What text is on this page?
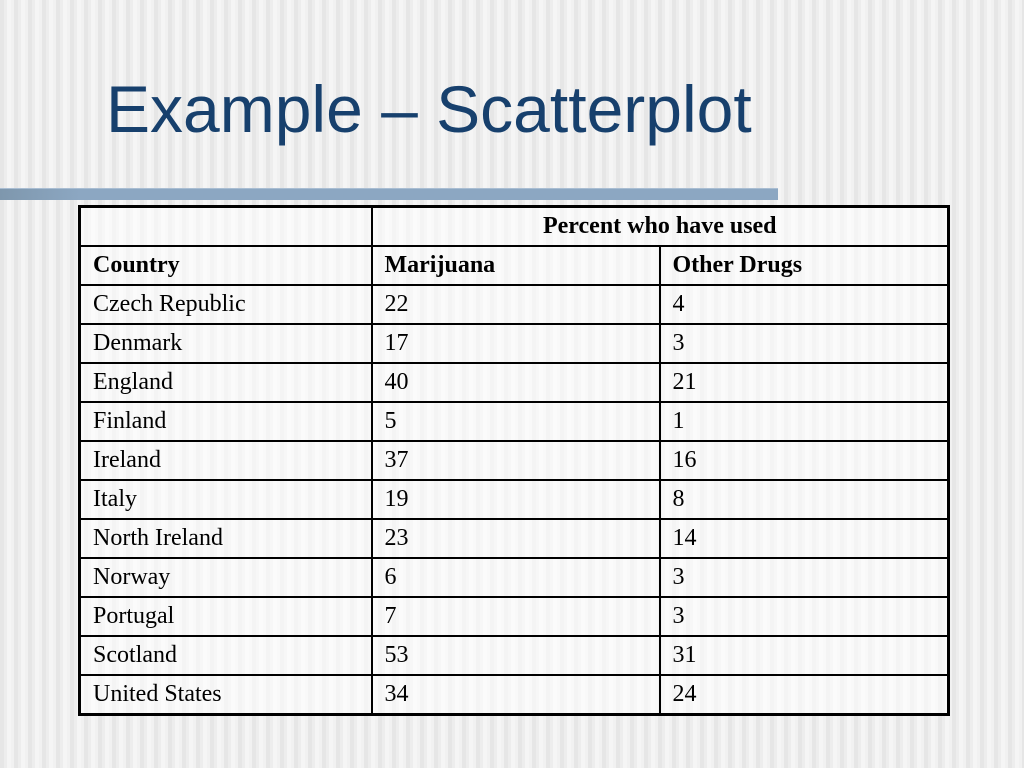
Example – Scatterplot
	Percent who have used	
Country	Marijuana	Other Drugs
Czech Republic	22	4
Denmark	17	3
England	40	21
Finland	5	1
Ireland	37	16
Italy	19	8
North Ireland	23	14
Norway	6	3
Portugal	7	3
Scotland	53	31
United States	34	24
